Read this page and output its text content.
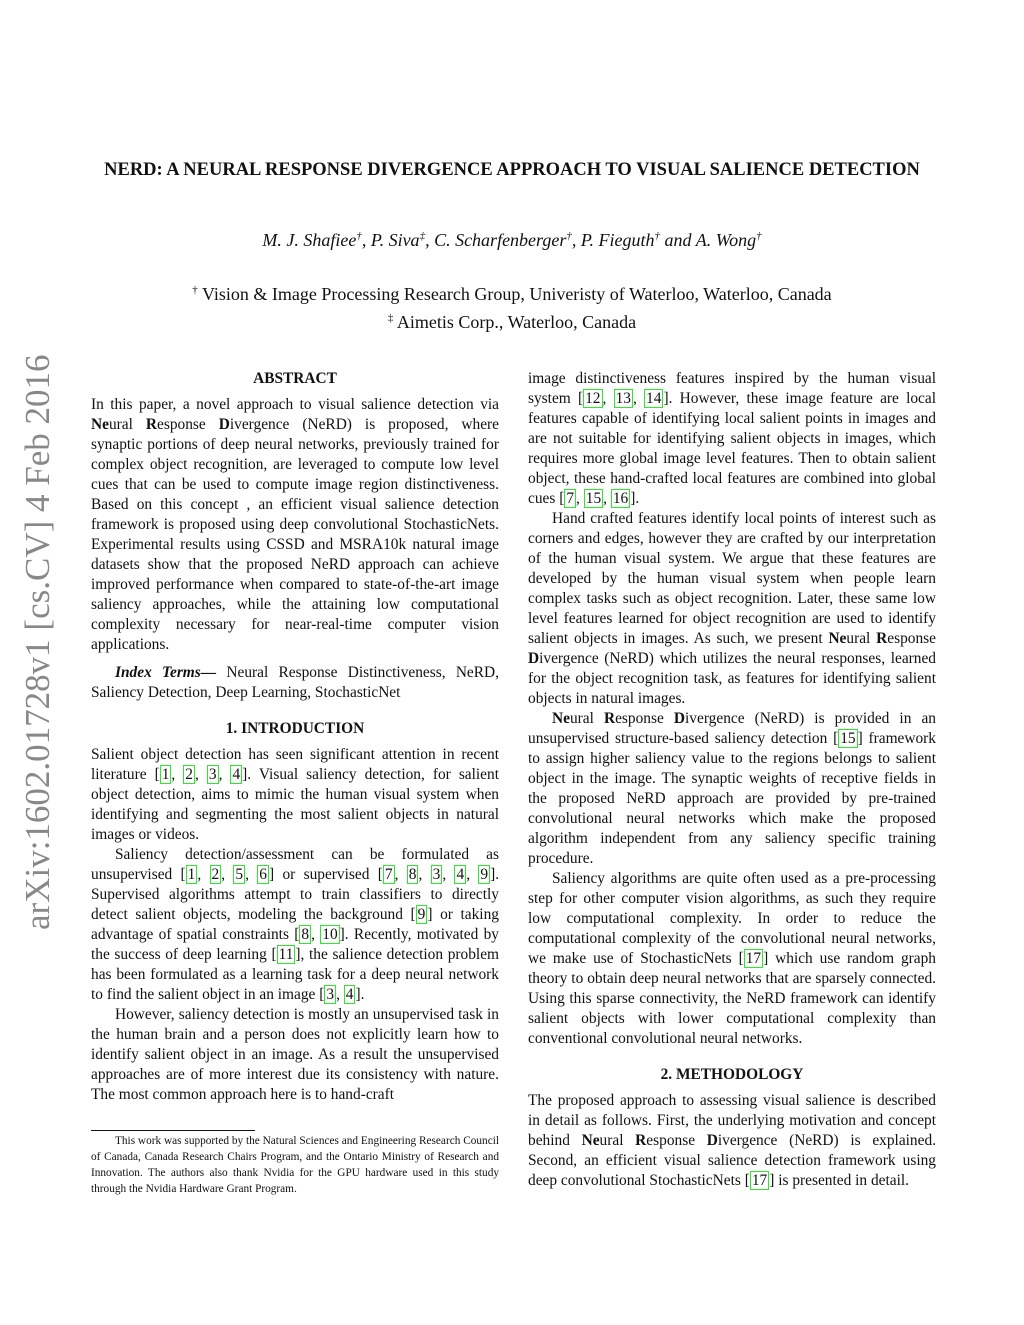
arXiv:1602.01728v1 [cs.CV] 4 Feb 2016
NERD: A NEURAL RESPONSE DIVERGENCE APPROACH TO VISUAL SALIENCE DETECTION
M. J. Shafiee†, P. Siva‡, C. Scharfenberger†, P. Fieguth† and A. Wong†
† Vision & Image Processing Research Group, Univeristy of Waterloo, Waterloo, Canada
‡ Aimetis Corp., Waterloo, Canada
ABSTRACT

In this paper, a novel approach to visual salience detection via Neural Response Divergence (NeRD) is proposed, where synaptic portions of deep neural networks, previously trained for complex object recognition, are leveraged to compute low level cues that can be used to compute image region distinctiveness. Based on this concept , an efficient visual salience detection framework is proposed using deep convolutional StochasticNets. Experimental results using CSSD and MSRA10k natural image datasets show that the proposed NeRD approach can achieve improved performance when compared to state-of-the-art image saliency approaches, while the attaining low computational complexity necessary for near-real-time computer vision applications.

Index Terms— Neural Response Distinctiveness, NeRD, Saliency Detection, Deep Learning, StochasticNet

1. INTRODUCTION

Salient object detection has seen significant attention in recent literature [ 1 , 2 , 3 , 4 ]. Visual saliency detection, for salient object detection, aims to mimic the human visual system when identifying and segmenting the most salient objects in natural images or videos.

Saliency detection/assessment can be formulated as unsupervised [ 1 , 2 , 5 , 6 ] or supervised [ 7 , 8 , 3 , 4 , 9 ]. Supervised algorithms attempt to train classifiers to directly detect salient objects, modeling the background [ 9 ] or taking advantage of spatial constraints [ 8 , 10 ]. Recently, motivated by the success of deep learning [ 11 ], the salience detection problem has been formulated as a learning task for a deep neural network to find the salient object in an image [ 3 , 4 ].

However, saliency detection is mostly an unsupervised task in the human brain and a person does not explicitly learn how to identify salient object in an image. As a result the unsupervised approaches are of more interest due its consistency with nature. The most common approach here is to hand-craft

image distinctiveness features inspired by the human visual system [ 12 , 13 , 14 ]. However, these image feature are local features capable of identifying local salient points in images and are not suitable for identifying salient objects in images, which requires more global image level features. Then to obtain salient object, these hand-crafted local features are combined into global cues [ 7 , 15 , 16 ].

Hand crafted features identify local points of interest such as corners and edges, however they are crafted by our interpretation of the human visual system. We argue that these features are developed by the human visual system when people learn complex tasks such as object recognition. Later, these same low level features learned for object recognition are used to identify salient objects in images. As such, we present Neural Response Divergence (NeRD) which utilizes the neural responses, learned for the object recognition task, as features for identifying salient objects in natural images.

Neural Response Divergence (NeRD) is provided in an unsupervised structure-based saliency detection [ 15 ] framework to assign higher saliency value to the regions belongs to salient object in the image. The synaptic weights of receptive fields in the proposed NeRD approach are provided by pre-trained convolutional neural networks which make the proposed algorithm independent from any saliency specific training procedure.

Saliency algorithms are quite often used as a pre-processing step for other computer vision algorithms, as such they require low computational complexity. In order to reduce the computational complexity of the convolutional neural networks, we make use of StochasticNets [ 17 ] which use random graph theory to obtain deep neural networks that are sparsely connected. Using this sparse connectivity, the NeRD framework can identify salient objects with lower computational complexity than conventional convolutional neural networks.

2. METHODOLOGY

The proposed approach to assessing visual salience is described in detail as follows. First, the underlying motivation and concept behind Neural Response Divergence (NeRD) is explained. Second, an efficient visual salience detection framework using deep convolutional StochasticNets [ 17 ] is presented in detail.

This work was supported by the Natural Sciences and Engineering Research Council of Canada, Canada Research Chairs Program, and the Ontario Ministry of Research and Innovation. The authors also thank Nvidia for the GPU hardware used in this study through the Nvidia Hardware Grant Program.
